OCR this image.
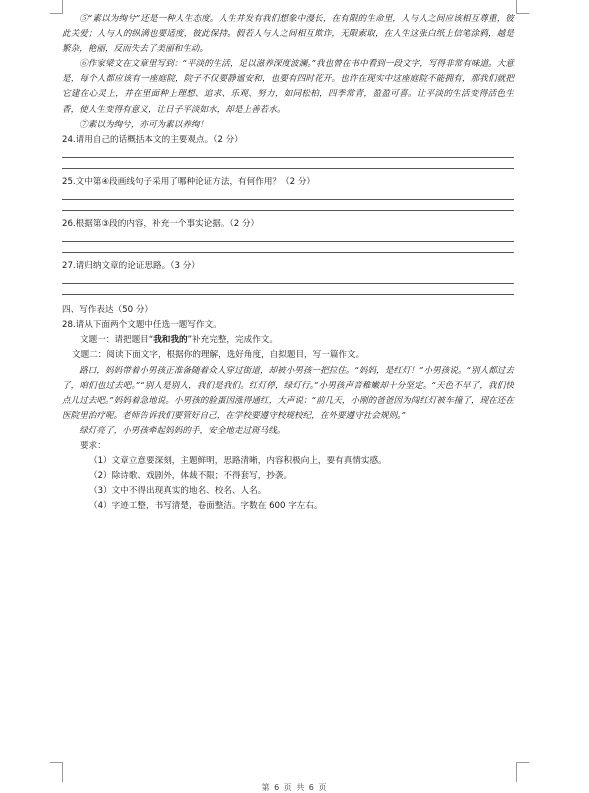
⑤“素以为绚兮”还是一种人生态度。人生并发有我们想象中漫长，在有限的生命里，人与人之间应该相互尊重，彼此关爱；人与人的纵满也要适度，彼此保持。假若人与人之间相互欺诈，无限索取，在人生这张白纸上信笔涂鸦，越是繁杂，艳丽，反而失去了美丽和生动。

⑥作家梁文在文章里写到：“平淡的生活，足以滋养深度波澜。”我也曾在书中看到一段文字，写得非常有味道。大意是，每个人都应该有一座庭院，院子不仅要静谧安和，也要有四时花开。也许在现实中这座庭院不能拥有，那我们就把它建在心灵上，并在里面种上理想、追求、乐观、努力，如同松柏，四季常青，盈盈可喜。让平淡的生活变得活色生香，使人生变得有意义，让日子平淡如水，却是上善若水。

⑦素以为绚兮，亦可为素以养绚！

24.请用自己的话概括本文的主要观点。（2 分）

25.文中第④段画线句子采用了哪种论证方法，有何作用？（2 分）

26.根据第③段的内容，补充一个事实论据。（2 分）

27.请归纳文章的论证思路。（3 分）

四、写作表达（50 分）

28.请从下面两个文题中任选一题写作文。

文题一：请把题目“我和我的”补充完整，完成作文。

文题二：阅读下面文字，根据你的理解，选好角度，自拟题目，写一篇作文。

路口，妈妈带着小男孩正准备随着众人穿过街道，却被小男孩一把拉住。“妈妈，是红灯！”小男孩说。“别人都过去了，咱们也过去吧。”“别人是别人，我们是我们。红灯停，绿灯行。”小男孩声音稚嫩却十分坚定。“天色不早了，我们快点儿过去吧。”妈妈着急地说。小男孩的脸蛋因涨得通红，大声说：“前几天，小刚的爸爸因为闯红灯被车撞了，现在还在医院里治疗呢。老师告诉我们要管好自己，在学校要遵守校规校纪，在外要遵守社会规则。”

绿灯亮了，小男孩牵起妈妈的手，安全地走过斑马线。

要求：

（1）文章立意要深刻，主题鲜明，思路清晰，内容积极向上，要有真情实感。

（2）除诗歌、戏剧外，体裁不限；不得套写，抄袭。

（3）文中不得出现真实的地名、校名、人名。

（4）字迹工整，书写清楚，卷面整洁。字数在 600 字左右。

第 6 页 共 6 页
